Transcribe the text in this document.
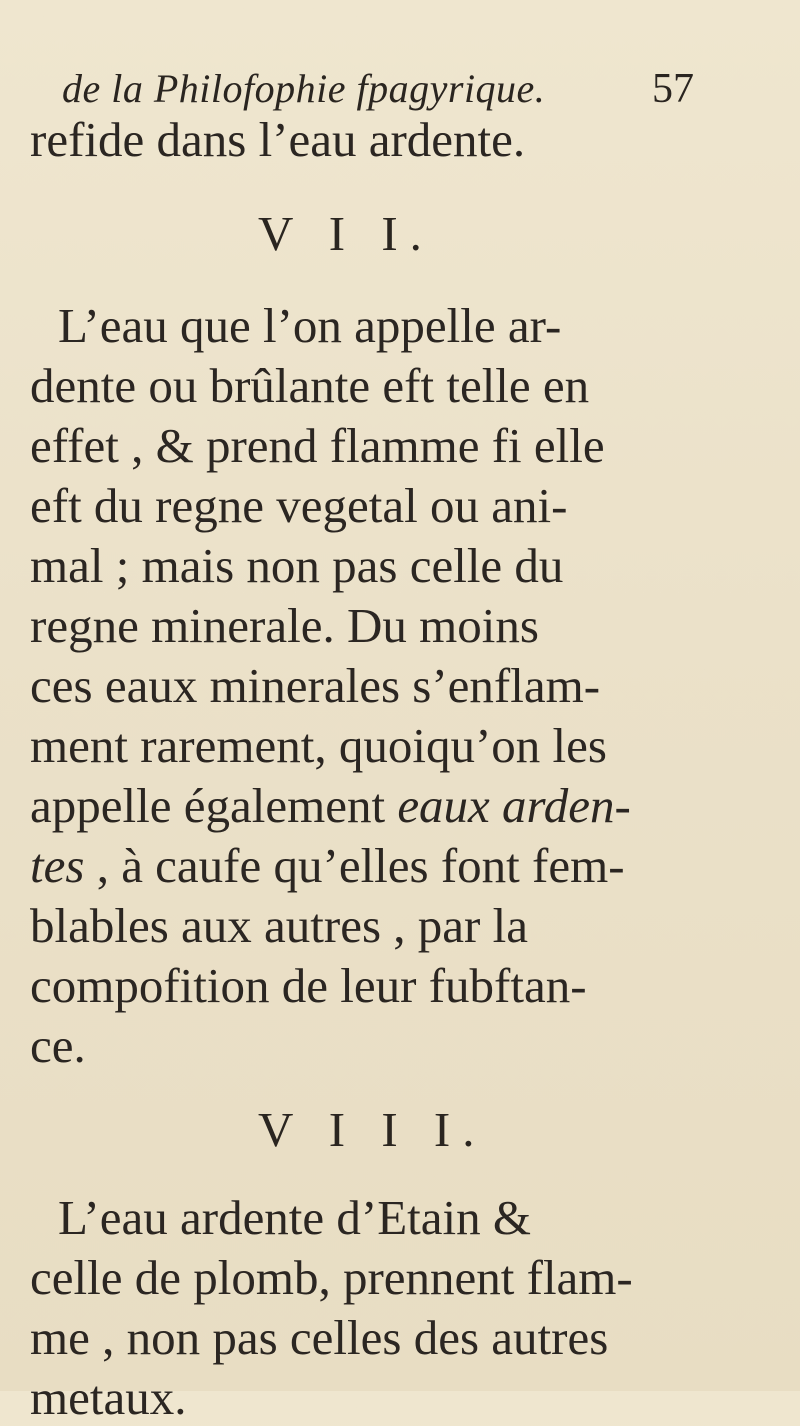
de la Philofophie fpagyrique.	57
refide dans l’eau ardente.
V I I.
L’eau que l’on appelle ar-
dente ou brûlante eft telle en
effet , & prend flamme fi elle
eft du regne vegetal ou ani-
mal ; mais non pas celle du
regne minerale. Du moins
ces eaux minerales s’enflam-
ment rarement, quoiqu’on les
appelle également eaux arden-
tes , à caufe qu’elles font fem-
blables aux autres , par la
compofition de leur fubftan-
ce.
V I I I.
L’eau ardente d’Etain &
celle de plomb, prennent flam-
me , non pas celles des autres
metaux.
